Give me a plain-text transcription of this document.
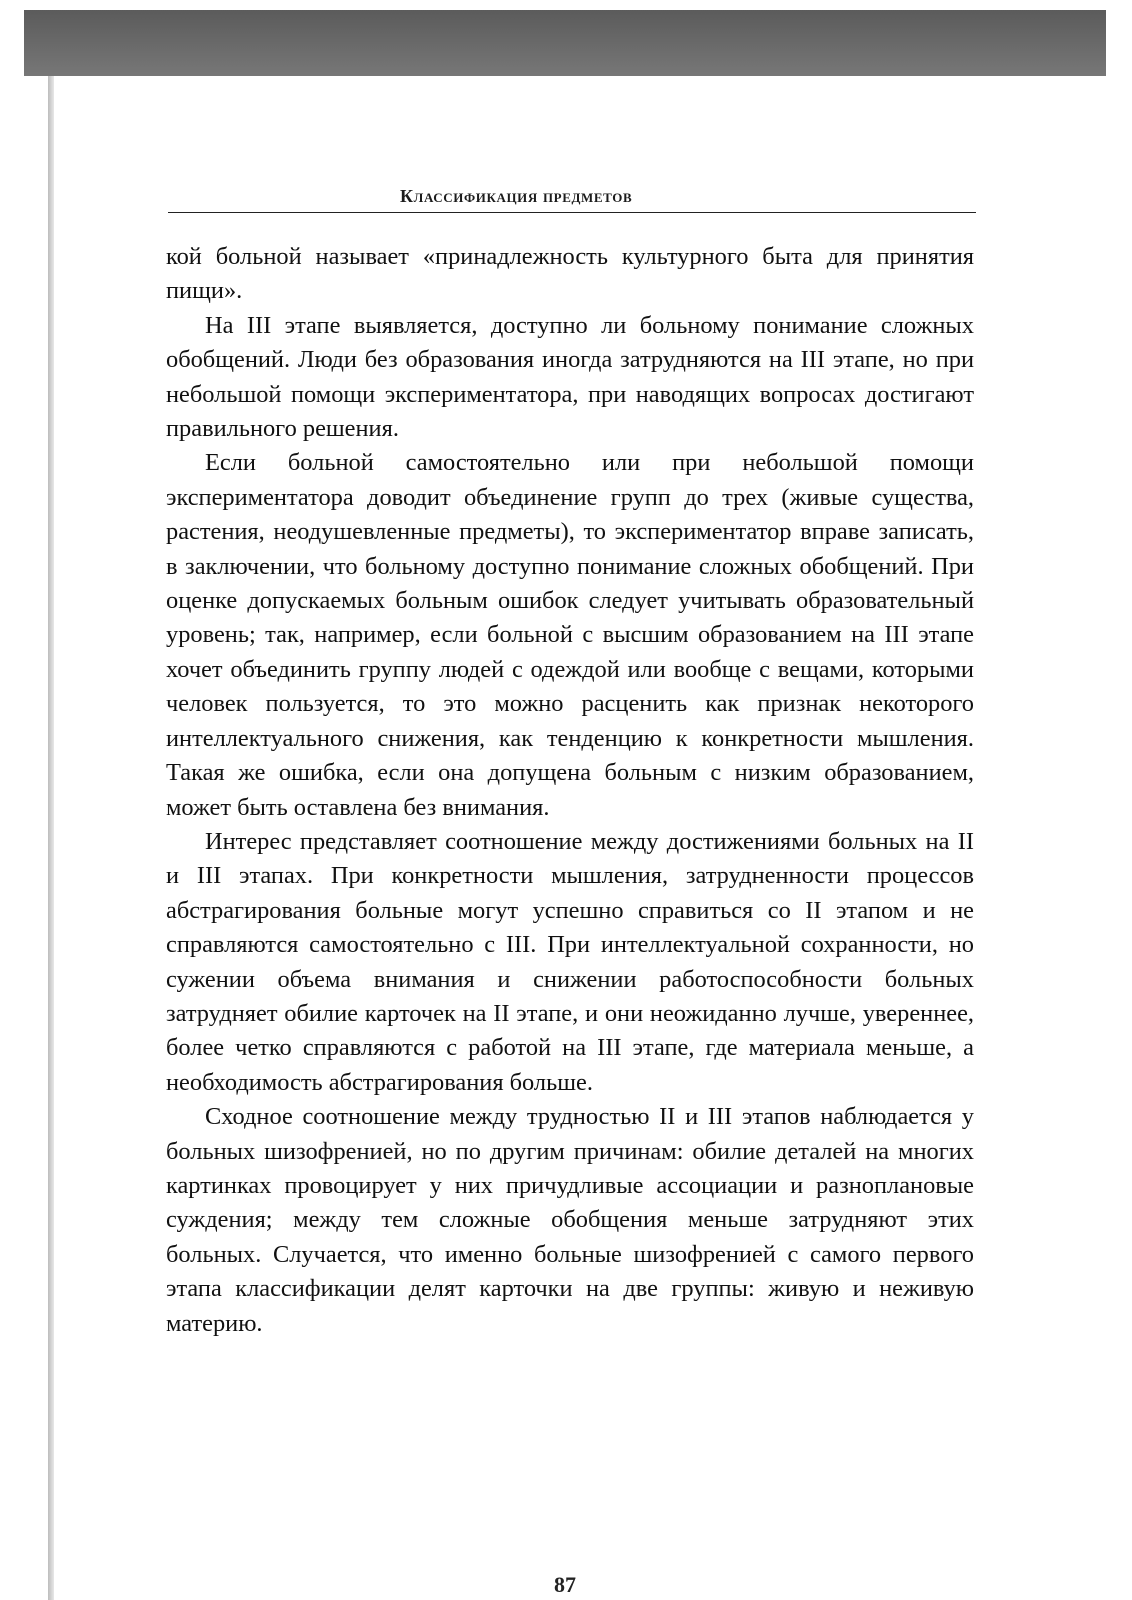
Классификация предметов

кой больной называет «принадлежность культурного быта для принятия пищи».

На III этапе выявляется, доступно ли больному понимание сложных обобщений. Люди без образования иногда затрудняются на III этапе, но при небольшой помощи экспериментатора, при наводящих вопросах достигают правильного решения.

Если больной самостоятельно или при небольшой помощи экспериментатора доводит объединение групп до трех (живые существа, растения, неодушевленные предметы), то экспериментатор вправе записать, в заключении, что больному доступно понимание сложных обобщений. При оценке допускаемых больным ошибок следует учитывать образовательный уровень; так, например, если больной с высшим образованием на III этапе хочет объединить группу людей с одеждой или вообще с вещами, которыми человек пользуется, то это можно расценить как признак некоторого интеллектуального снижения, как тенденцию к конкретности мышления. Такая же ошибка, если она допущена больным с низким образованием, может быть оставлена без внимания.

Интерес представляет соотношение между достижениями больных на II и III этапах. При конкретности мышления, затрудненности процессов абстрагирования больные могут успешно справиться со II этапом и не справляются самостоятельно с III. При интеллектуальной сохранности, но сужении объема внимания и снижении работоспособности больных затрудняет обилие карточек на II этапе, и они неожиданно лучше, увереннее, более четко справляются с работой на III этапе, где материала меньше, а необходимость абстрагирования больше.

Сходное соотношение между трудностью II и III этапов наблюдается у больных шизофренией, но по другим причинам: обилие деталей на многих картинках провоцирует у них причудливые ассоциации и разноплановые суждения; между тем сложные обобщения меньше затрудняют этих больных. Случается, что именно больные шизофренией с самого первого этапа классификации делят карточки на две группы: живую и неживую материю.

87
